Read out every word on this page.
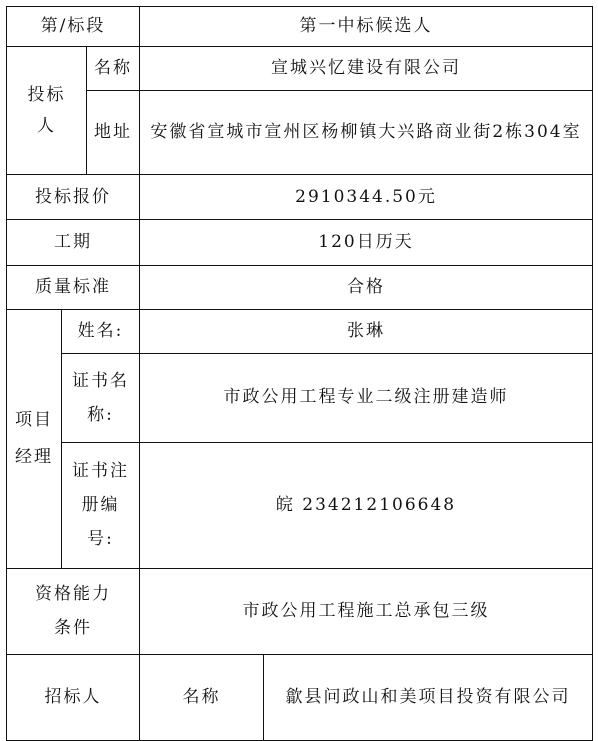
第/标段			第一中标候选人	

投标人		名称	宣城兴忆建设有限公司	
		地址	安徽省宣城市宣州区杨柳镇大兴路商业街2栋304室	
投标报价			2910344.50元	
工期			120日历天	
质量标准			合格	

项目经理	姓名:		张琳	

	证书名称:		市政公用工程专业二级注册建造师	

	证书注册编号:		皖 234212106648	

资格能力条件			市政公用工程施工总承包三级	
招标人			名称	歙县问政山和美项目投资有限公司
